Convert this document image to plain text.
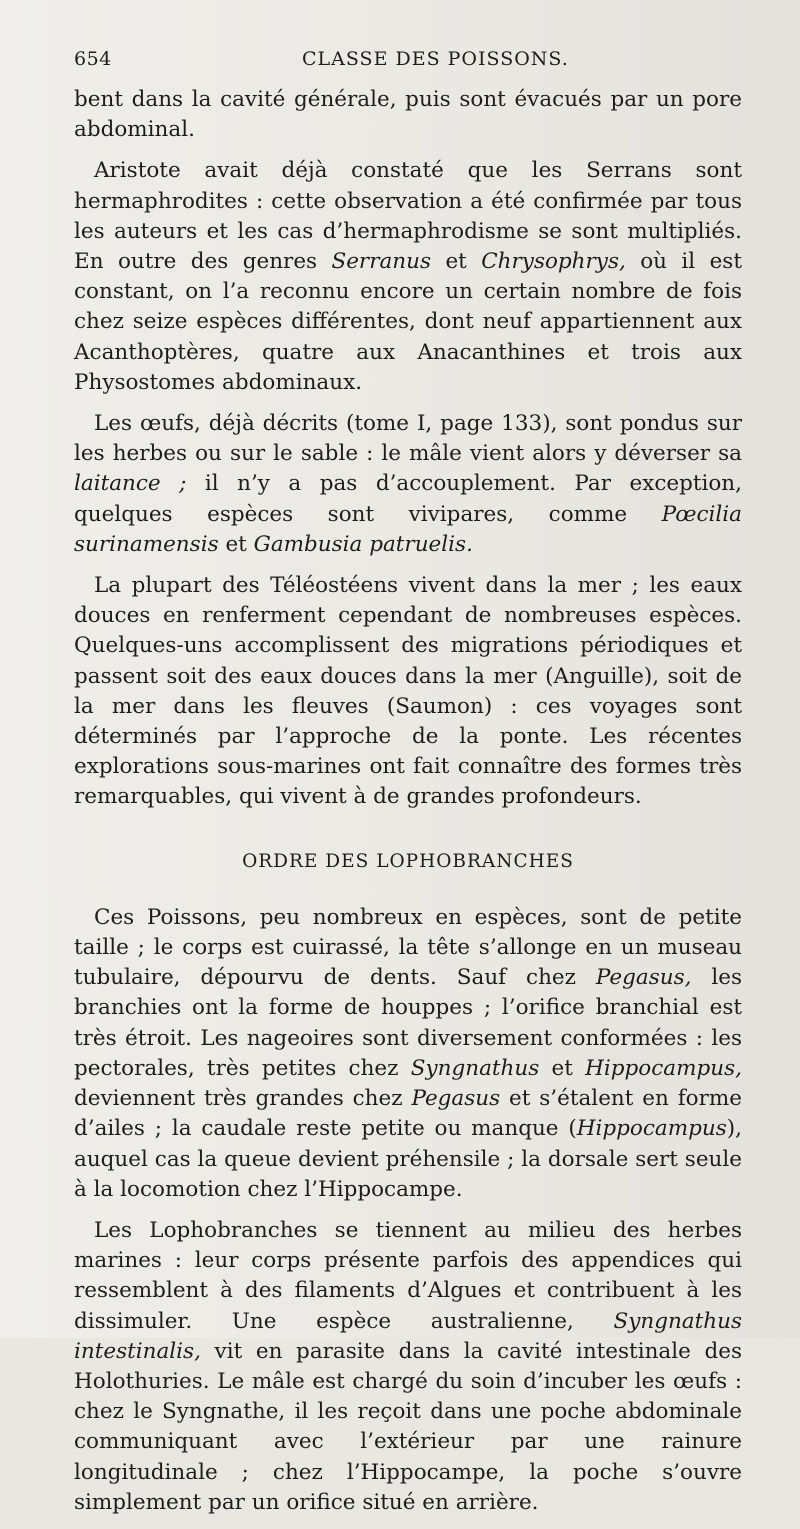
654	CLASSE DES POISSONS.

bent dans la cavité générale, puis sont évacués par un pore abdominal.

Aristote avait déjà constaté que les Serrans sont hermaphrodites : cette observation a été confirmée par tous les auteurs et les cas d’hermaphrodisme se sont multipliés. En outre des genres Serranus et Chrysophrys, où il est constant, on l’a reconnu encore un certain nombre de fois chez seize espèces différentes, dont neuf appartiennent aux Acanthoptères, quatre aux Anacanthines et trois aux Physostomes abdominaux.

Les œufs, déjà décrits (tome I, page 133), sont pondus sur les herbes ou sur le sable : le mâle vient alors y déverser sa laitance ; il n’y a pas d’accouplement. Par exception, quelques espèces sont vivipares, comme Pœcilia surinamensis et Gambusia patruelis.

La plupart des Téléostéens vivent dans la mer ; les eaux douces en renferment cependant de nombreuses espèces. Quelques-uns accomplissent des migrations périodiques et passent soit des eaux douces dans la mer (Anguille), soit de la mer dans les fleuves (Saumon) : ces voyages sont déterminés par l’approche de la ponte. Les récentes explorations sous-marines ont fait connaître des formes très remarquables, qui vivent à de grandes profondeurs.

ORDRE DES LOPHOBRANCHES

Ces Poissons, peu nombreux en espèces, sont de petite taille ; le corps est cuirassé, la tête s’allonge en un museau tubulaire, dépourvu de dents. Sauf chez Pegasus, les branchies ont la forme de houppes ; l’orifice branchial est très étroit. Les nageoires sont diversement conformées : les pectorales, très petites chez Syngnathus et Hippocampus, deviennent très grandes chez Pegasus et s’étalent en forme d’ailes ; la caudale reste petite ou manque (Hippocampus), auquel cas la queue devient préhensile ; la dorsale sert seule à la locomotion chez l’Hippocampe.

Les Lophobranches se tiennent au milieu des herbes marines : leur corps présente parfois des appendices qui ressemblent à des filaments d’Algues et contribuent à les dissimuler. Une espèce australienne, Syngnathus intestinalis, vit en parasite dans la cavité intestinale des Holothuries. Le mâle est chargé du soin d’incuber les œufs : chez le Syngnathe, il les reçoit dans une poche abdominale communiquant avec l’extérieur par une rainure longitudinale ; chez l’Hippocampe, la poche s’ouvre simplement par un orifice situé en arrière.
